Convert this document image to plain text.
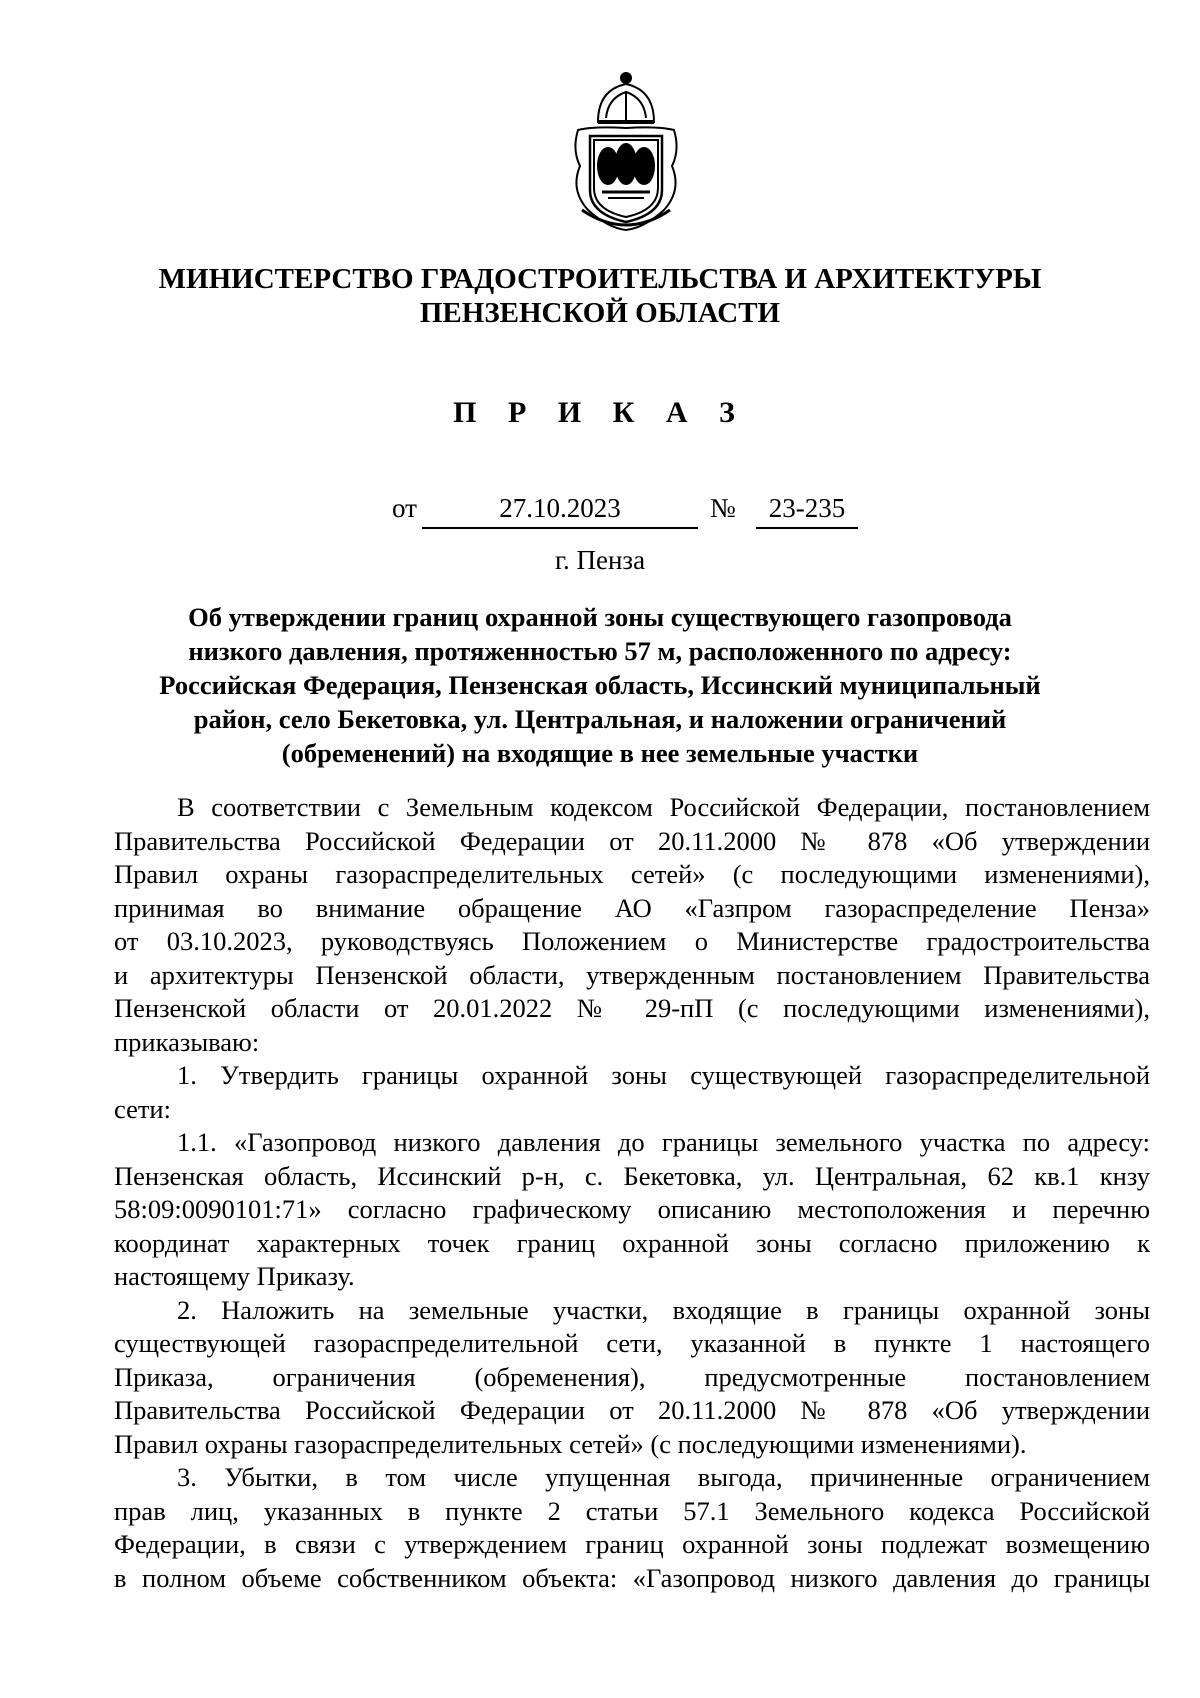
МИНИСТЕРСТВО ГРАДОСТРОИТЕЛЬСТВА И АРХИТЕКТУРЫ
ПЕНЗЕНСКОЙ ОБЛАСТИ
П Р И К А З
от	27.10.2023	№	23-235
г. Пенза
Об утверждении границ охранной зоны существующего газопровода
низкого давления, протяженностью 57 м, расположенного по адресу:
Российская Федерация, Пензенская область, Иссинский муниципальный
район, село Бекетовка, ул. Центральная, и наложении ограничений
(обременений) на входящие в нее земельные участки
В соответствии с Земельным кодексом Российской Федерации, постановлением
Правительства Российской Федерации от 20.11.2000 № 878 «Об утверждении
Правил охраны газораспределительных сетей» (с последующими изменениями),
принимая во внимание обращение АО «Газпром газораспределение Пенза»
от 03.10.2023, руководствуясь Положением о Министерстве градостроительства
и архитектуры Пензенской области, утвержденным постановлением Правительства
Пензенской области от 20.01.2022 № 29-пП (с последующими изменениями),
приказываю:
1. Утвердить границы охранной зоны существующей газораспределительной
сети:
1.1. «Газопровод низкого давления до границы земельного участка по адресу:
Пензенская область, Иссинский р-н, с. Бекетовка, ул. Центральная, 62 кв.1 кнзу
58:09:0090101:71» согласно графическому описанию местоположения и перечню
координат характерных точек границ охранной зоны согласно приложению к
настоящему Приказу.
2. Наложить на земельные участки, входящие в границы охранной зоны
существующей газораспределительной сети, указанной в пункте 1 настоящего
Приказа, ограничения (обременения), предусмотренные постановлением
Правительства Российской Федерации от 20.11.2000 № 878 «Об утверждении
Правил охраны газораспределительных сетей» (с последующими изменениями).
3. Убытки, в том числе упущенная выгода, причиненные ограничением
прав лиц, указанных в пункте 2 статьи 57.1 Земельного кодекса Российской
Федерации, в связи с утверждением границ охранной зоны подлежат возмещению
в полном объеме собственником объекта: «Газопровод низкого давления до границы
